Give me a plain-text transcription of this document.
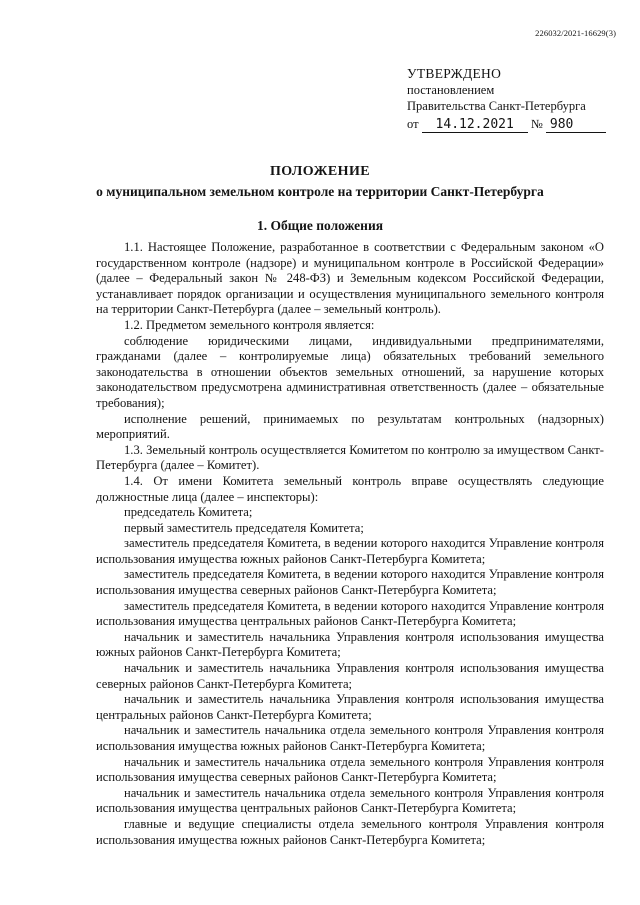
226032/2021-16629(3)
УТВЕРЖДЕНО
постановлением
Правительства Санкт-Петербурга
от 14.12.2021 № 980
ПОЛОЖЕНИЕ
о муниципальном земельном контроле на территории Санкт-Петербурга
1. Общие положения

1.1. Настоящее Положение, разработанное в соответствии с Федеральным законом «О государственном контроле (надзоре) и муниципальном контроле в Российской Федерации» (далее – Федеральный закон № 248-ФЗ) и Земельным кодексом Российской Федерации, устанавливает порядок организации и осуществления муниципального земельного контроля на территории Санкт-Петербурга (далее – земельный контроль).

1.2. Предметом земельного контроля является:

соблюдение юридическими лицами, индивидуальными предпринимателями, гражданами (далее – контролируемые лица) обязательных требований земельного законодательства в отношении объектов земельных отношений, за нарушение которых законодательством предусмотрена административная ответственность (далее – обязательные требования);

исполнение решений, принимаемых по результатам контрольных (надзорных) мероприятий.

1.3. Земельный контроль осуществляется Комитетом по контролю за имуществом Санкт-Петербурга (далее – Комитет).

1.4. От имени Комитета земельный контроль вправе осуществлять следующие должностные лица (далее – инспекторы):

председатель Комитета;

первый заместитель председателя Комитета;

заместитель председателя Комитета, в ведении которого находится Управление контроля использования имущества южных районов Санкт-Петербурга Комитета;

заместитель председателя Комитета, в ведении которого находится Управление контроля использования имущества северных районов Санкт-Петербурга Комитета;

заместитель председателя Комитета, в ведении которого находится Управление контроля использования имущества центральных районов Санкт-Петербурга Комитета;

начальник и заместитель начальника Управления контроля использования имущества южных районов Санкт-Петербурга Комитета;

начальник и заместитель начальника Управления контроля использования имущества северных районов Санкт-Петербурга Комитета;

начальник и заместитель начальника Управления контроля использования имущества центральных районов Санкт-Петербурга Комитета;

начальник и заместитель начальника отдела земельного контроля Управления контроля использования имущества южных районов Санкт-Петербурга Комитета;

начальник и заместитель начальника отдела земельного контроля Управления контроля использования имущества северных районов Санкт-Петербурга Комитета;

начальник и заместитель начальника отдела земельного контроля Управления контроля использования имущества центральных районов Санкт-Петербурга Комитета;

главные и ведущие специалисты отдела земельного контроля Управления контроля использования имущества южных районов Санкт-Петербурга Комитета;
